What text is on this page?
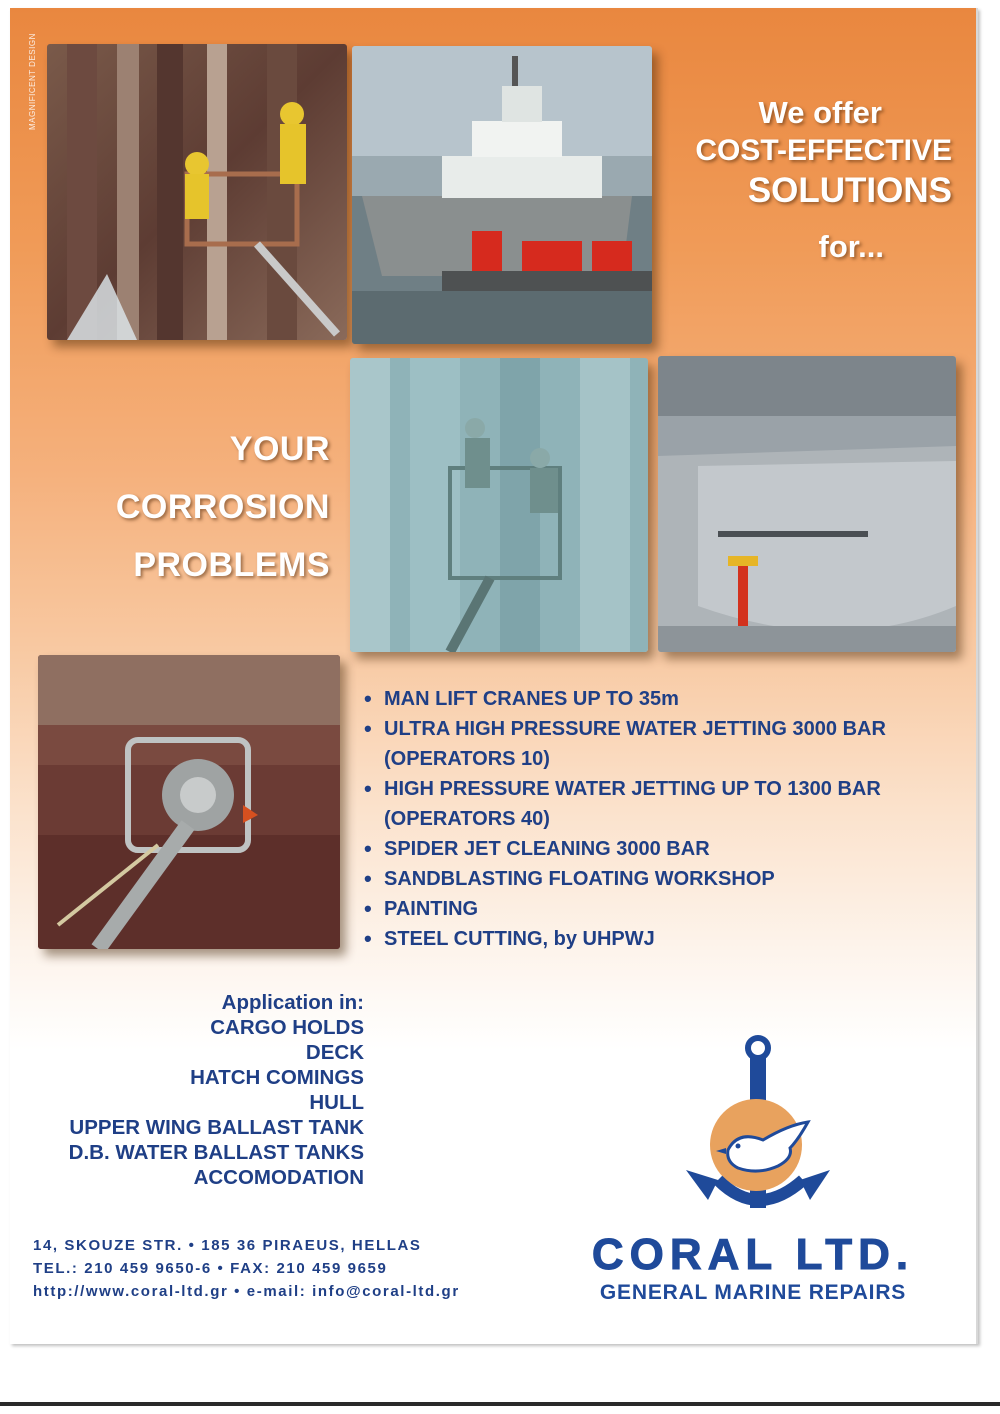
MAGNIFICENT DESIGN	We offer
COST-EFFECTIVE
SOLUTIONS
for...
YOUR
CORROSION
PROBLEMS
• MAN LIFT CRANES UP TO 35m
• ULTRA HIGH PRESSURE WATER JETTING 3000 BAR
(OPERATORS 10)
• HIGH PRESSURE WATER JETTING UP TO 1300 BAR
(OPERATORS 40)
• SPIDER JET CLEANING 3000 BAR
• SANDBLASTING FLOATING WORKSHOP
• PAINTING
• STEEL CUTTING, by UHPWJ
Application in:
CARGO HOLDS
DECK
HATCH COMINGS
HULL
UPPER WING BALLAST TANK
D.B. WATER BALLAST TANKS
ACCOMODATION
14, SKOUZE STR. • 185 36 PIRAEUS, HELLAS
TEL.: 210 459 9650-6 • FAX: 210 459 9659
http://www.coral-ltd.gr • e-mail: info@coral-ltd.gr
CORAL LTD.
GENERAL MARINE REPAIRS
